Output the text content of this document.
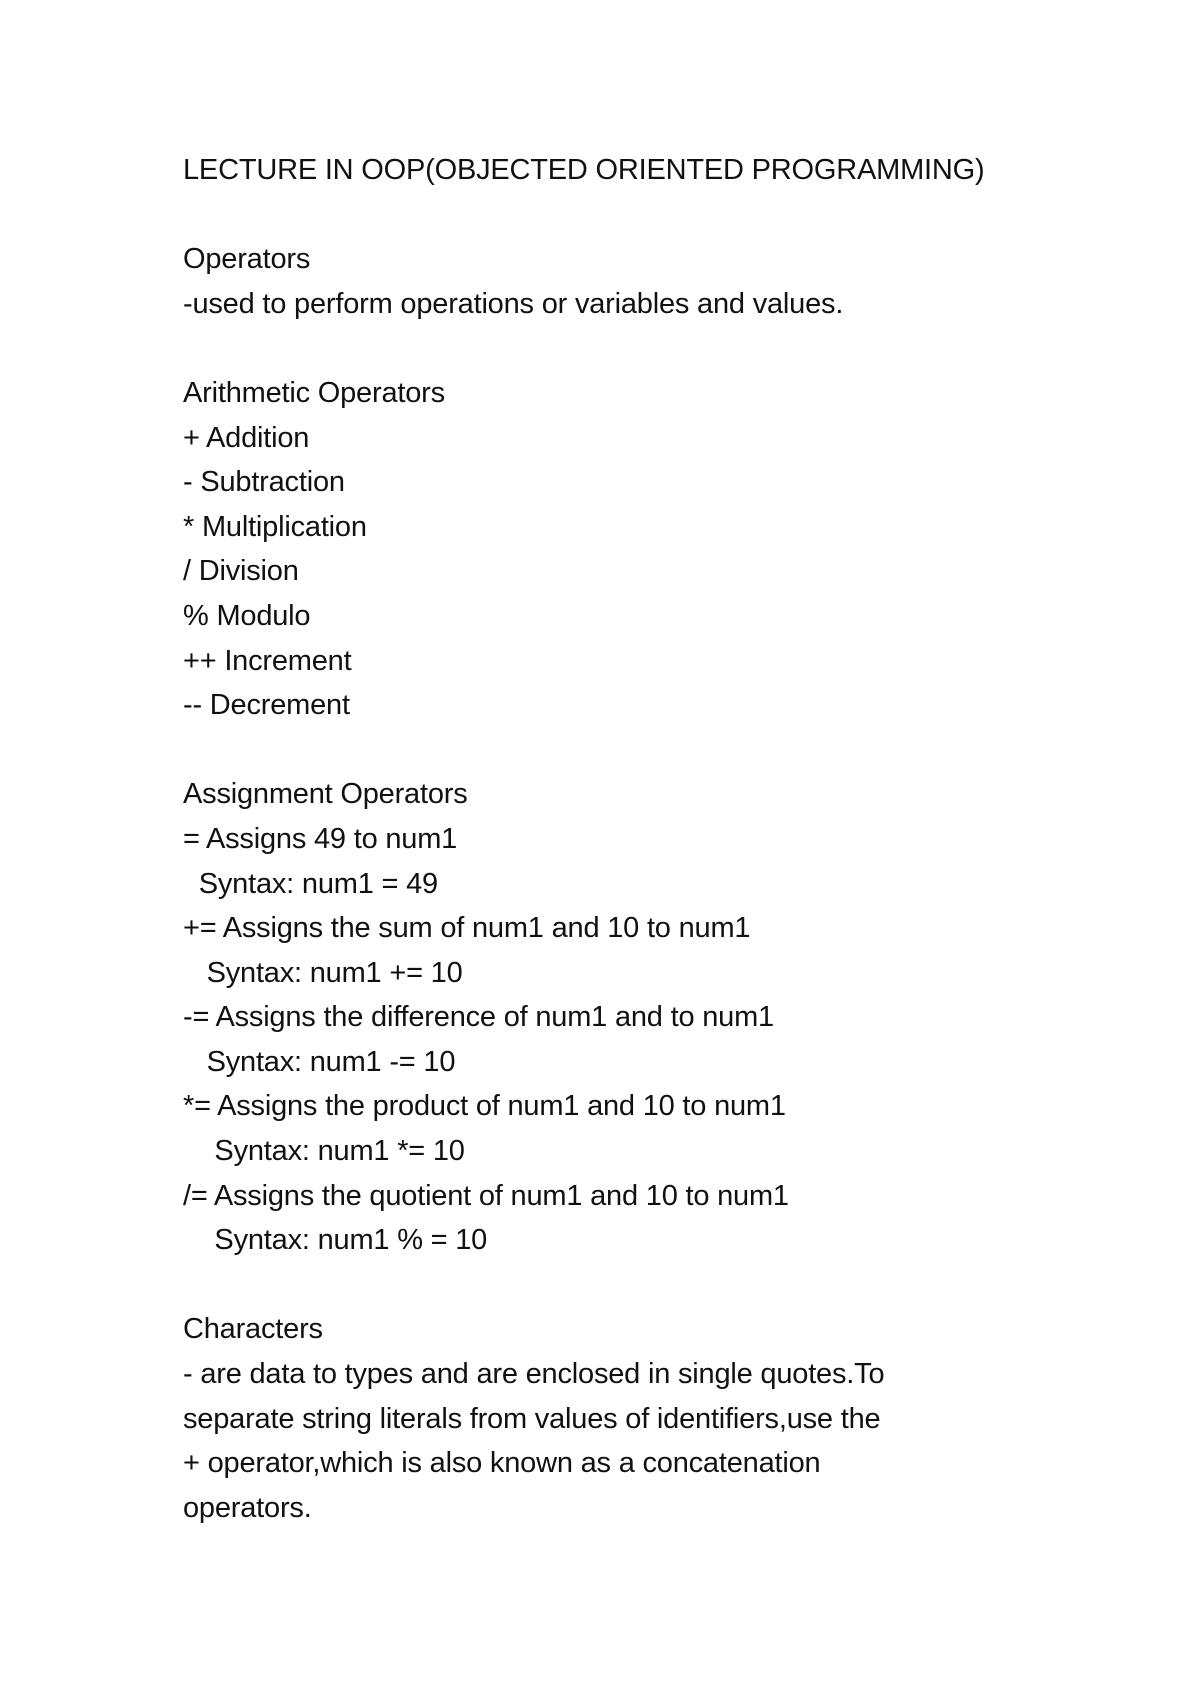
LECTURE IN OOP(OBJECTED ORIENTED PROGRAMMING)

Operators

-used to perform operations or variables and values.

Arithmetic Operators

+ Addition

- Subtraction

* Multiplication

/ Division

% Modulo

++ Increment

-- Decrement

Assignment Operators

= Assigns 49 to num1

Syntax: num1 = 49

+= Assigns the sum of num1 and 10 to num1

Syntax: num1 += 10

-= Assigns the difference of num1 and to num1

Syntax: num1 -= 10

*= Assigns the product of num1 and 10 to num1

Syntax: num1 *= 10

/= Assigns the quotient of num1 and 10 to num1

Syntax: num1 % = 10

Characters

- are data to types and are enclosed in single quotes.To

separate string literals from values of identifiers,use the

+ operator,which is also known as a concatenation

operators.
